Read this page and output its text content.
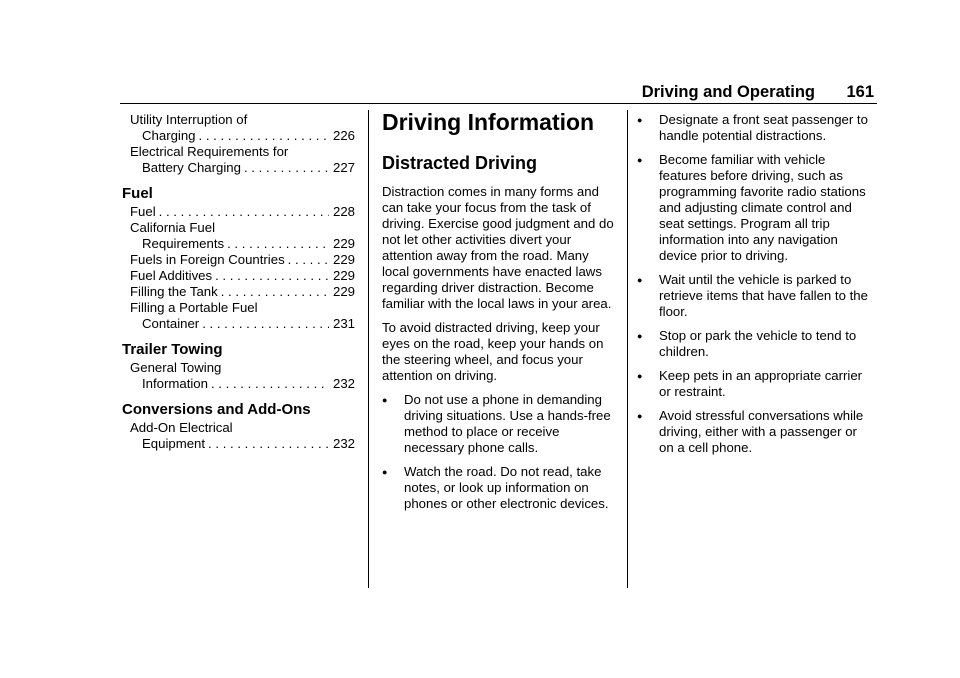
Driving and Operating	161
Utility Interruption of
Charging . . .	226
Electrical Requirements for
Battery Charging . . .	227
Fuel
Fuel . . .	228
California Fuel
Requirements . . .	229
Fuels in Foreign Countries . . .	229
Fuel Additives . . .	229
Filling the Tank . . .	229
Filling a Portable Fuel
Container . . .	231
Trailer Towing
General Towing
Information . . .	232
Conversions and Add-Ons
Add-On Electrical
Equipment . . .	232
Driving Information
Distracted Driving

Distraction comes in many forms and can take your focus from the task of driving. Exercise good judgment and do not let other activities divert your attention away from the road. Many local governments have enacted laws regarding driver distraction. Become familiar with the local laws in your area.

To avoid distracted driving, keep your eyes on the road, keep your hands on the steering wheel, and focus your attention on driving.

●	Do not use a phone in demanding driving situations. Use a hands-free method to place or receive necessary phone calls.
●	Watch the road. Do not read, take notes, or look up information on phones or other electronic devices.
●	Designate a front seat passenger to handle potential distractions.
●	Become familiar with vehicle features before driving, such as programming favorite radio stations and adjusting climate control and seat settings. Program all trip information into any navigation device prior to driving.
●	Wait until the vehicle is parked to retrieve items that have fallen to the floor.
●	Stop or park the vehicle to tend to children.
●	Keep pets in an appropriate carrier or restraint.
●	Avoid stressful conversations while driving, either with a passenger or on a cell phone.
